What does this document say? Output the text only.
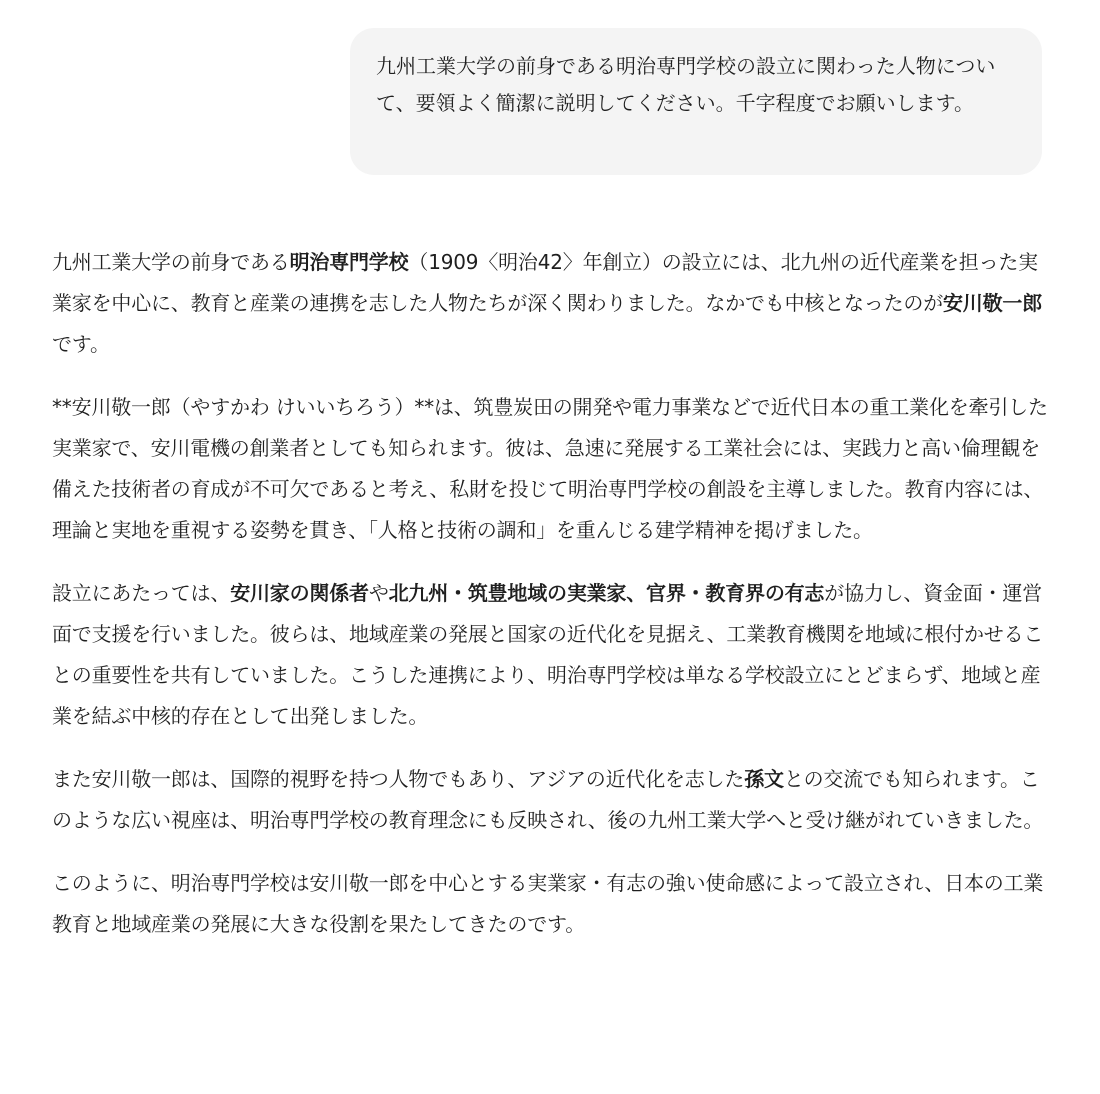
九州工業大学の前身である明治専門学校の設立に関わった人物について、要領よく簡潔に説明してください。千字程度でお願いします。

九州工業大学の前身である明治専門学校（1909〈明治42〉年創立）の設立には、北九州の近代産業を担った実業家を中心に、教育と産業の連携を志した人物たちが深く関わりました。なかでも中核となったのが安川敬一郎です。

**安川敬一郎（やすかわ けいいちろう）**は、筑豊炭田の開発や電力事業などで近代日本の重工業化を牽引した実業家で、安川電機の創業者としても知られます。彼は、急速に発展する工業社会には、実践力と高い倫理観を備えた技術者の育成が不可欠であると考え、私財を投じて明治専門学校の創設を主導しました。教育内容には、理論と実地を重視する姿勢を貫き、「人格と技術の調和」を重んじる建学精神を掲げました。

設立にあたっては、安川家の関係者や北九州・筑豊地域の実業家、官界・教育界の有志が協力し、資金面・運営面で支援を行いました。彼らは、地域産業の発展と国家の近代化を見据え、工業教育機関を地域に根付かせることの重要性を共有していました。こうした連携により、明治専門学校は単なる学校設立にとどまらず、地域と産業を結ぶ中核的存在として出発しました。

また安川敬一郎は、国際的視野を持つ人物でもあり、アジアの近代化を志した孫文との交流でも知られます。このような広い視座は、明治専門学校の教育理念にも反映され、後の九州工業大学へと受け継がれていきました。

このように、明治専門学校は安川敬一郎を中心とする実業家・有志の強い使命感によって設立され、日本の工業教育と地域産業の発展に大きな役割を果たしてきたのです。
